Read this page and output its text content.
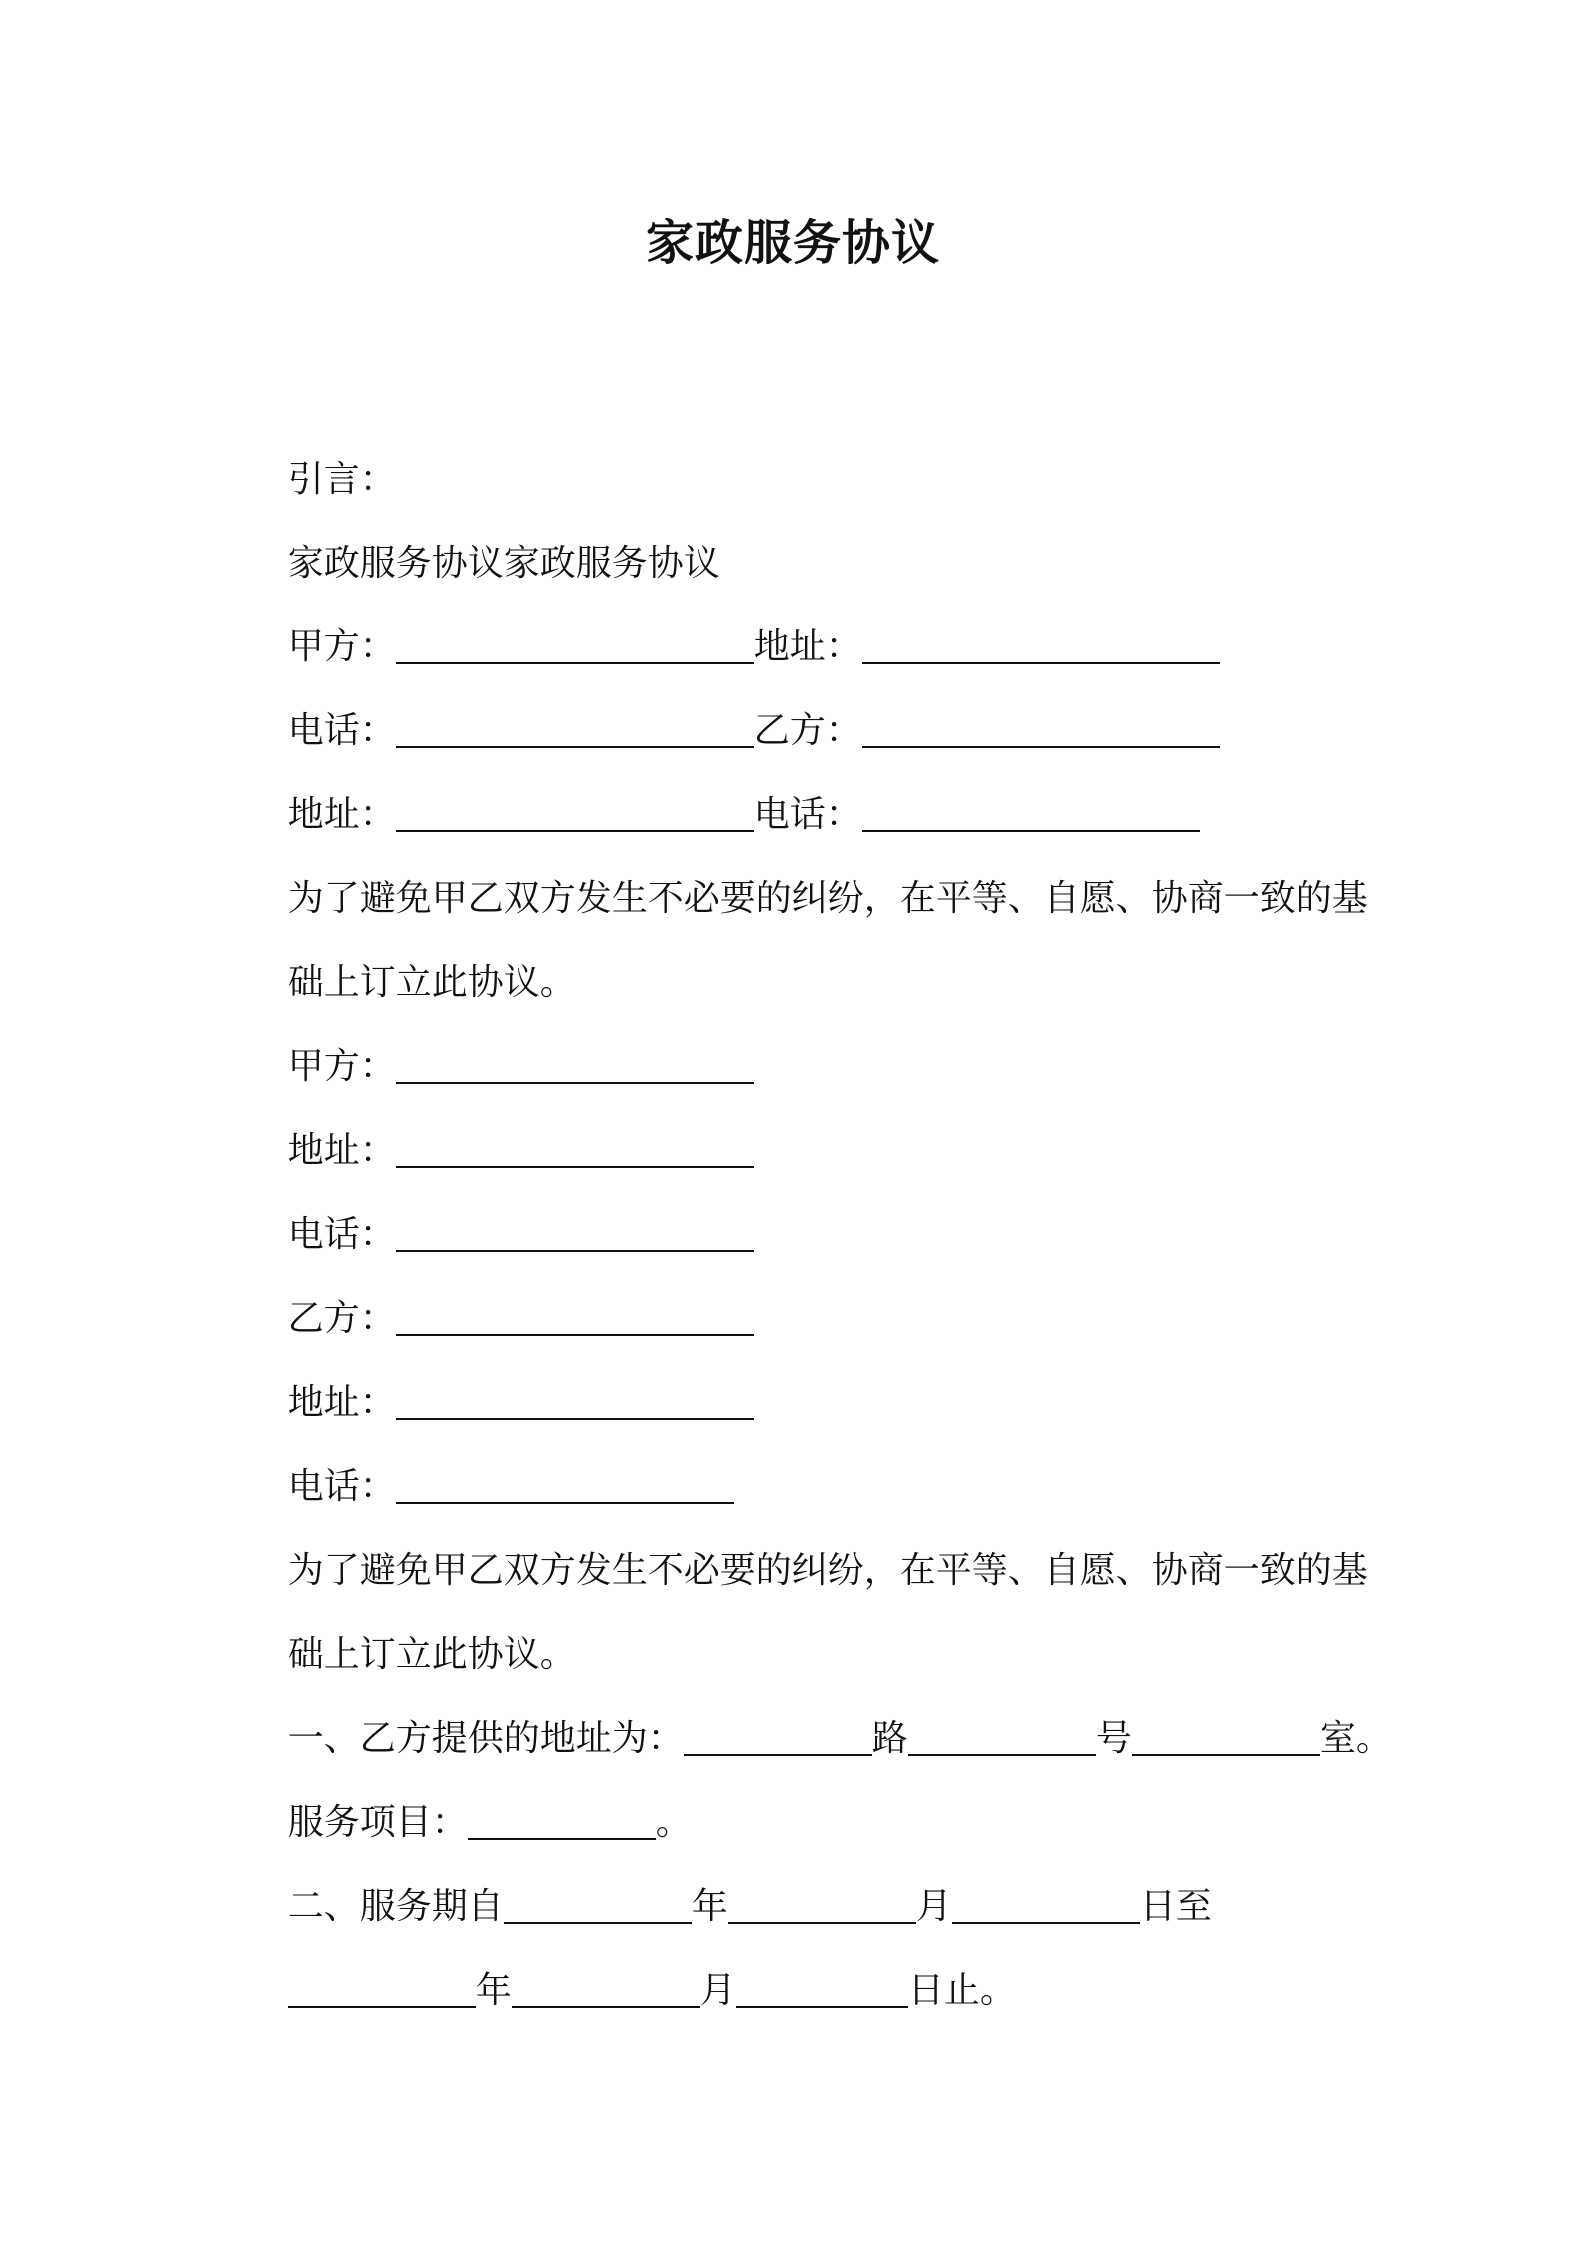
家政服务协议

引言：

家政服务协议家政服务协议

甲方：	地址：

电话：	乙方：

地址：	电话：

为了避免甲乙双方发生不必要的纠纷，在平等、自愿、协商一致的基

础上订立此协议。

甲方：

地址：

电话：

乙方：

地址：

电话：

为了避免甲乙双方发生不必要的纠纷，在平等、自愿、协商一致的基

础上订立此协议。

一、乙方提供的地址为：	路	号	室。

服务项目：	。

二、服务期自	年	月	日至

年	月	日止。
